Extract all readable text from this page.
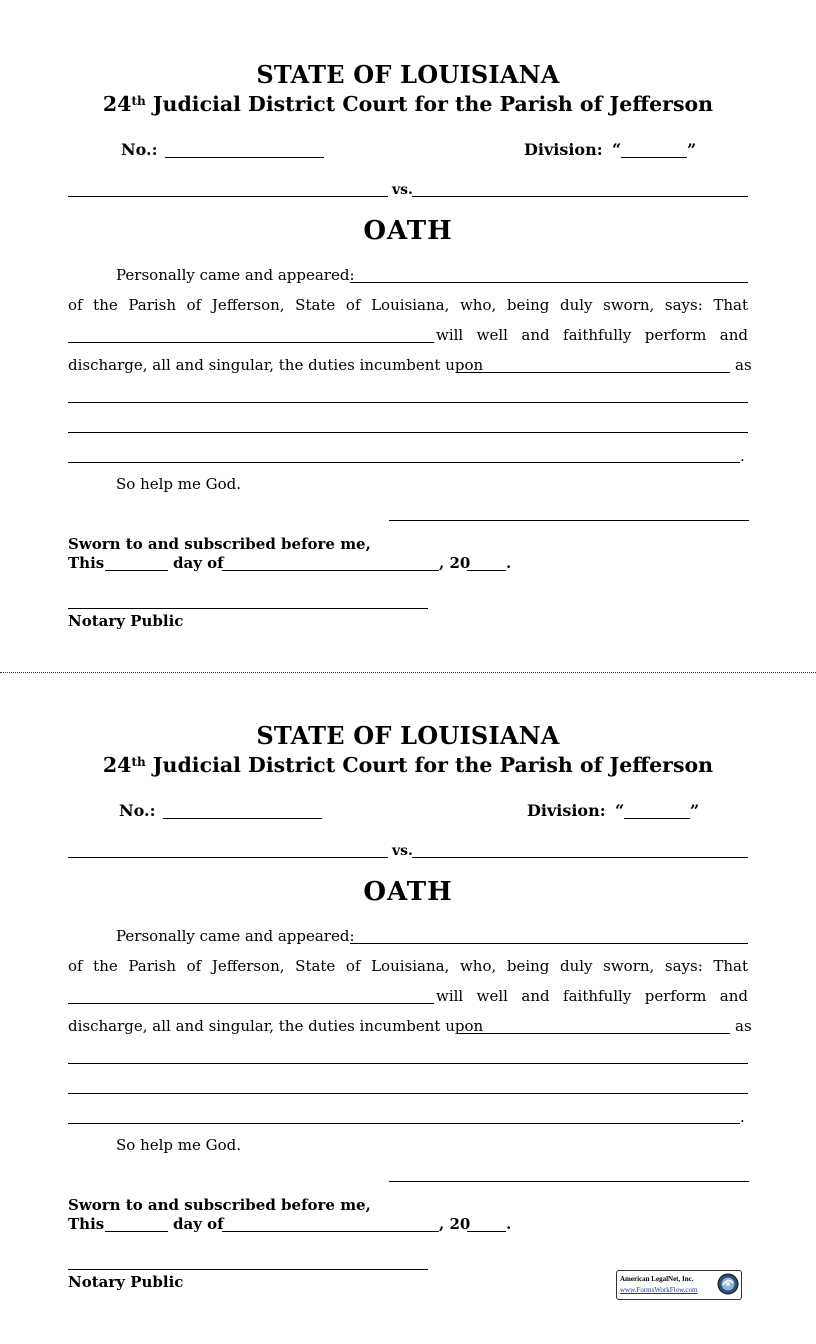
STATE OF LOUISIANA
24th Judicial District Court for the Parish of Jefferson
No.:	Division: “	”
vs.
OATH
Personally came and appeared:
of the Parish of Jefferson, State of Louisiana, who, being duly sworn, says: That
will well and faithfully perform and
discharge, all and singular, the duties incumbent upon	as
.
So help me God.
Sworn to and subscribed before me,
This	day of	, 20 .
Notary Public
STATE OF LOUISIANA
24th Judicial District Court for the Parish of Jefferson
No.:	Division: “	”
vs.
OATH
Personally came and appeared:
of the Parish of Jefferson, State of Louisiana, who, being duly sworn, says: That
will well and faithfully perform and
discharge, all and singular, the duties incumbent upon	as
.
So help me God.
Sworn to and subscribed before me,
This	day of	, 20 .
Notary Public	American LegalNet, Inc.
www.FormsWorkFlow.com
